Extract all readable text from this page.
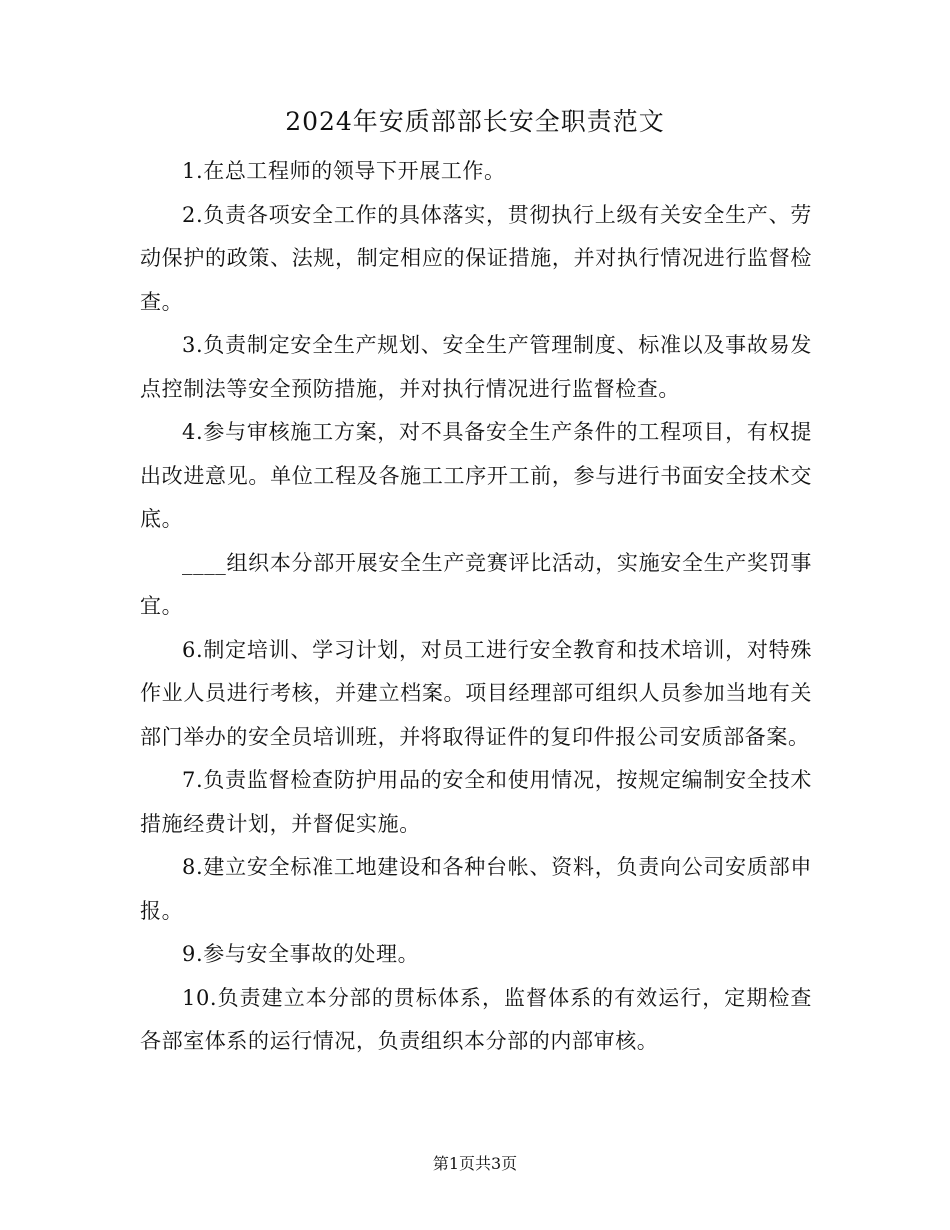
2024年安质部部长安全职责范文

1.在总工程师的领导下开展工作。

2.负责各项安全工作的具体落实，贯彻执行上级有关安全生产、劳动保护的政策、法规，制定相应的保证措施，并对执行情况进行监督检查。

3.负责制定安全生产规划、安全生产管理制度、标准以及事故易发点控制法等安全预防措施，并对执行情况进行监督检查。

4.参与审核施工方案，对不具备安全生产条件的工程项目，有权提出改进意见。单位工程及各施工工序开工前，参与进行书面安全技术交底。

____组织本分部开展安全生产竞赛评比活动，实施安全生产奖罚事宜。

6.制定培训、学习计划，对员工进行安全教育和技术培训，对特殊作业人员进行考核，并建立档案。项目经理部可组织人员参加当地有关部门举办的安全员培训班，并将取得证件的复印件报公司安质部备案。

7.负责监督检查防护用品的安全和使用情况，按规定编制安全技术措施经费计划，并督促实施。

8.建立安全标准工地建设和各种台帐、资料，负责向公司安质部申报。

9.参与安全事故的处理。

10.负责建立本分部的贯标体系，监督体系的有效运行，定期检查各部室体系的运行情况，负责组织本分部的内部审核。

第1页共3页
